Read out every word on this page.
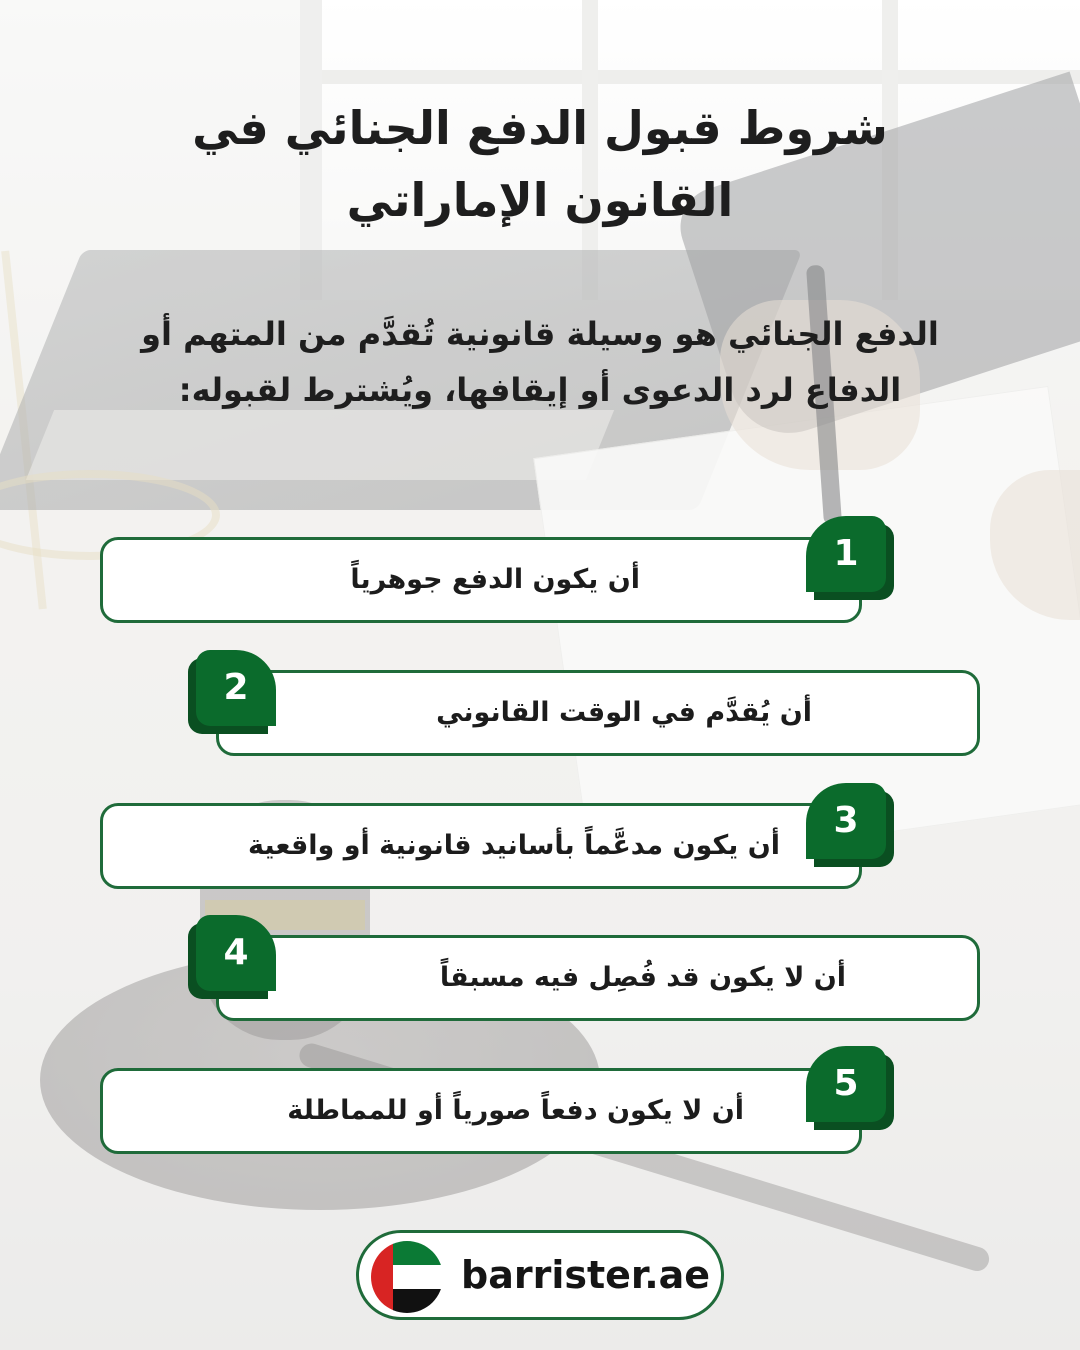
شروط قبول الدفع الجنائي في
القانون الإماراتي
الدفع الجنائي هو وسيلة قانونية تُقدَّم من المتهم أو
الدفاع لرد الدعوى أو إيقافها، ويُشترط لقبوله:
أن يكون الدفع جوهرياً
1
أن يُقدَّم في الوقت القانوني
2
أن يكون مدعَّماً بأسانيد قانونية أو واقعية
3
أن لا يكون قد فُصِل فيه مسبقاً
4
أن لا يكون دفعاً صورياً أو للمماطلة
5
barrister.ae
